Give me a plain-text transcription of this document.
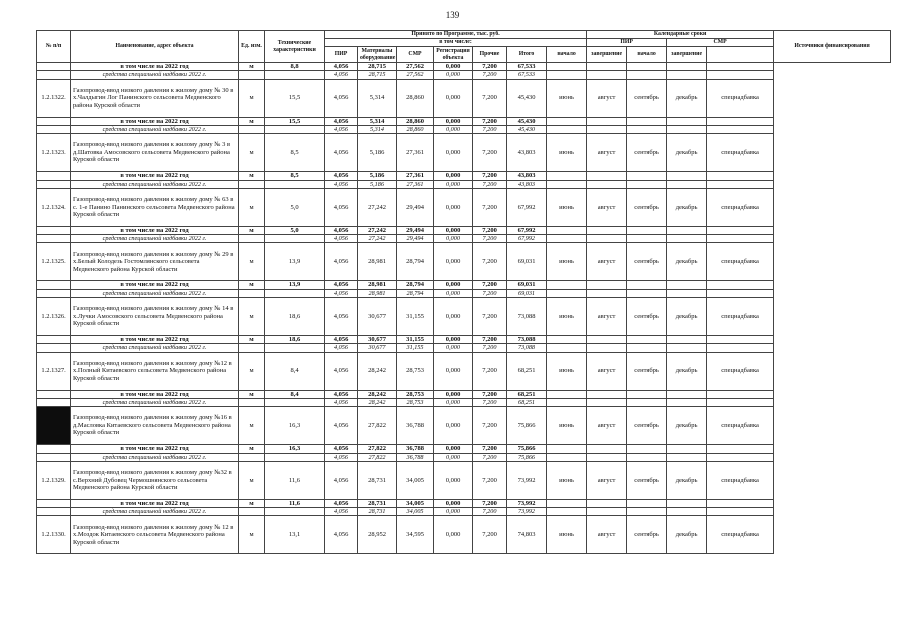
139
№ п/п	Наименование, адрес объекта	Ед. изм.	Технические характеристики	Принято по Программе, тыс. руб.							Календарные сроки				Источники финансирования
				в том числе:							ПИР		СМР		
				ПИР	Материалы оборудование	СМР	Регистрация объекта	Прочие	Итого	начало	завершение	начало	завершение		
	в том числе на 2022 год	м	8,8	4,056	28,715	27,562	0,000	7,200	67,533						
	средства специальной надбавки 2022 г.			4,056	28,715	27,562	0,000	7,200	67,533						
1.2.1322.	Газопровод-ввод низкого давления к жилому дому № 30 в х.Чалдыгин Лог Панинского сельсовета Медвенского района Курской области	м	15,5	4,056	5,314	28,860	0,000	7,200	45,430	июнь	август	сентябрь	декабрь	спецнадбавка	
	в том числе на 2022 год	м	15,5	4,056	5,314	28,860	0,000	7,200	45,430						
	средства специальной надбавки 2022 г.			4,056	5,314	28,860	0,000	7,200	45,430						
1.2.1323.	Газопровод-ввод низкого давления к жилому дому № 3 в д.Шатовка Амосовского сельсовета Медвенского района Курской области	м	8,5	4,056	5,186	27,361	0,000	7,200	43,803	июнь	август	сентябрь	декабрь	спецнадбавка	
	в том числе на 2022 год	м	8,5	4,056	5,186	27,361	0,000	7,200	43,803						
	средства специальной надбавки 2022 г.			4,056	5,186	27,361	0,000	7,200	43,803						
1.2.1324.	Газопровод-ввод низкого давления к жилому дому № 63 в с. 1-е Панино Панинского сельсовета Медвенского района Курской области	м	5,0	4,056	27,242	29,494	0,000	7,200	67,992	июнь	август	сентябрь	декабрь	спецнадбавка	
	в том числе на 2022 год	м	5,0	4,056	27,242	29,494	0,000	7,200	67,992						
	средства специальной надбавки 2022 г.			4,056	27,242	29,494	0,000	7,200	67,992						
1.2.1325.	Газопровод-ввод низкого давления к жилому дому № 29 в х.Белый Колодезь Гостомлянского сельсовета Медвенского района Курской области	м	13,9	4,056	28,981	28,794	0,000	7,200	69,031	июнь	август	сентябрь	декабрь	спецнадбавка	
	в том числе на 2022 год	м	13,9	4,056	28,981	28,794	0,000	7,200	69,031						
	средства специальной надбавки 2022 г.			4,056	28,981	28,794	0,000	7,200	69,031						
1.2.1326.	Газопровод-ввод низкого давления к жилому дому № 14 в х.Лучки Амосовского сельсовета Медвенского района Курской области	м	18,6	4,056	30,677	31,155	0,000	7,200	73,088	июнь	август	сентябрь	декабрь	спецнадбавка	
	в том числе на 2022 год	м	18,6	4,056	30,677	31,155	0,000	7,200	73,088						
	средства специальной надбавки 2022 г.			4,056	30,677	31,155	0,000	7,200	73,088						
1.2.1327.	Газопровод-ввод низкого давления к жилому дому №12 в х.Полный Китаевского сельсовета Медвенского района Курской области	м	8,4	4,056	28,242	28,753	0,000	7,200	68,251	июнь	август	сентябрь	декабрь	спецнадбавка	
	в том числе на 2022 год	м	8,4	4,056	28,242	28,753	0,000	7,200	68,251						
	средства специальной надбавки 2022 г.			4,056	28,242	28,753	0,000	7,200	68,251						
	Газопровод-ввод низкого давления к жилому дому №16 в д.Масловка Китаевского сельсовета Медвенского района Курской области	м	16,3	4,056	27,822	36,788	0,000	7,200	75,866	июнь	август	сентябрь	декабрь	спецнадбавка	
	в том числе на 2022 год	м	16,3	4,056	27,822	36,788	0,000	7,200	75,866						
	средства специальной надбавки 2022 г.			4,056	27,822	36,788	0,000	7,200	75,866						
1.2.1329.	Газопровод-ввод низкого давления к жилому дому №32 в с.Верхний Дубовец Чермошнянского сельсовета Медвенского района Курской области	м	11,6	4,056	28,731	34,005	0,000	7,200	73,992	июнь	август	сентябрь	декабрь	спецнадбавка	
	в том числе на 2022 год	м	11,6	4,056	28,731	34,005	0,000	7,200	73,992						
	средства специальной надбавки 2022 г.			4,056	28,731	34,005	0,000	7,200	73,992						
1.2.1330.	Газопровод-ввод низкого давления к жилому дому № 12 в х.Моздок Китаевского сельсовета Медвенского района Курской области	м	13,1	4,056	28,952	34,595	0,000	7,200	74,803	июнь	август	сентябрь	декабрь	спецнадбавка	
